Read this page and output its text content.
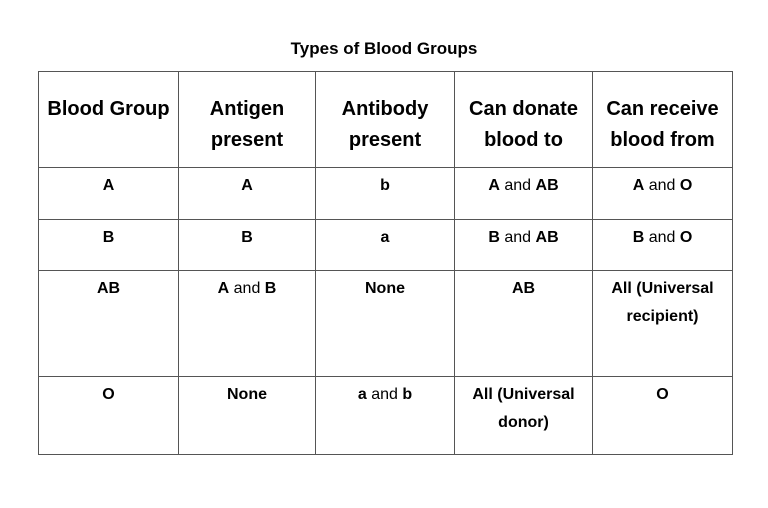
Types of Blood Groups
Blood Group	Antigen present	Antibody present	Can donate blood to	Can receive blood from
A	A	b	A and AB	A and O
B	B	a	B and AB	B and O
AB	A and B	None	AB	All (Universal recipient)
O	None	a and b	All (Universal donor)	O
